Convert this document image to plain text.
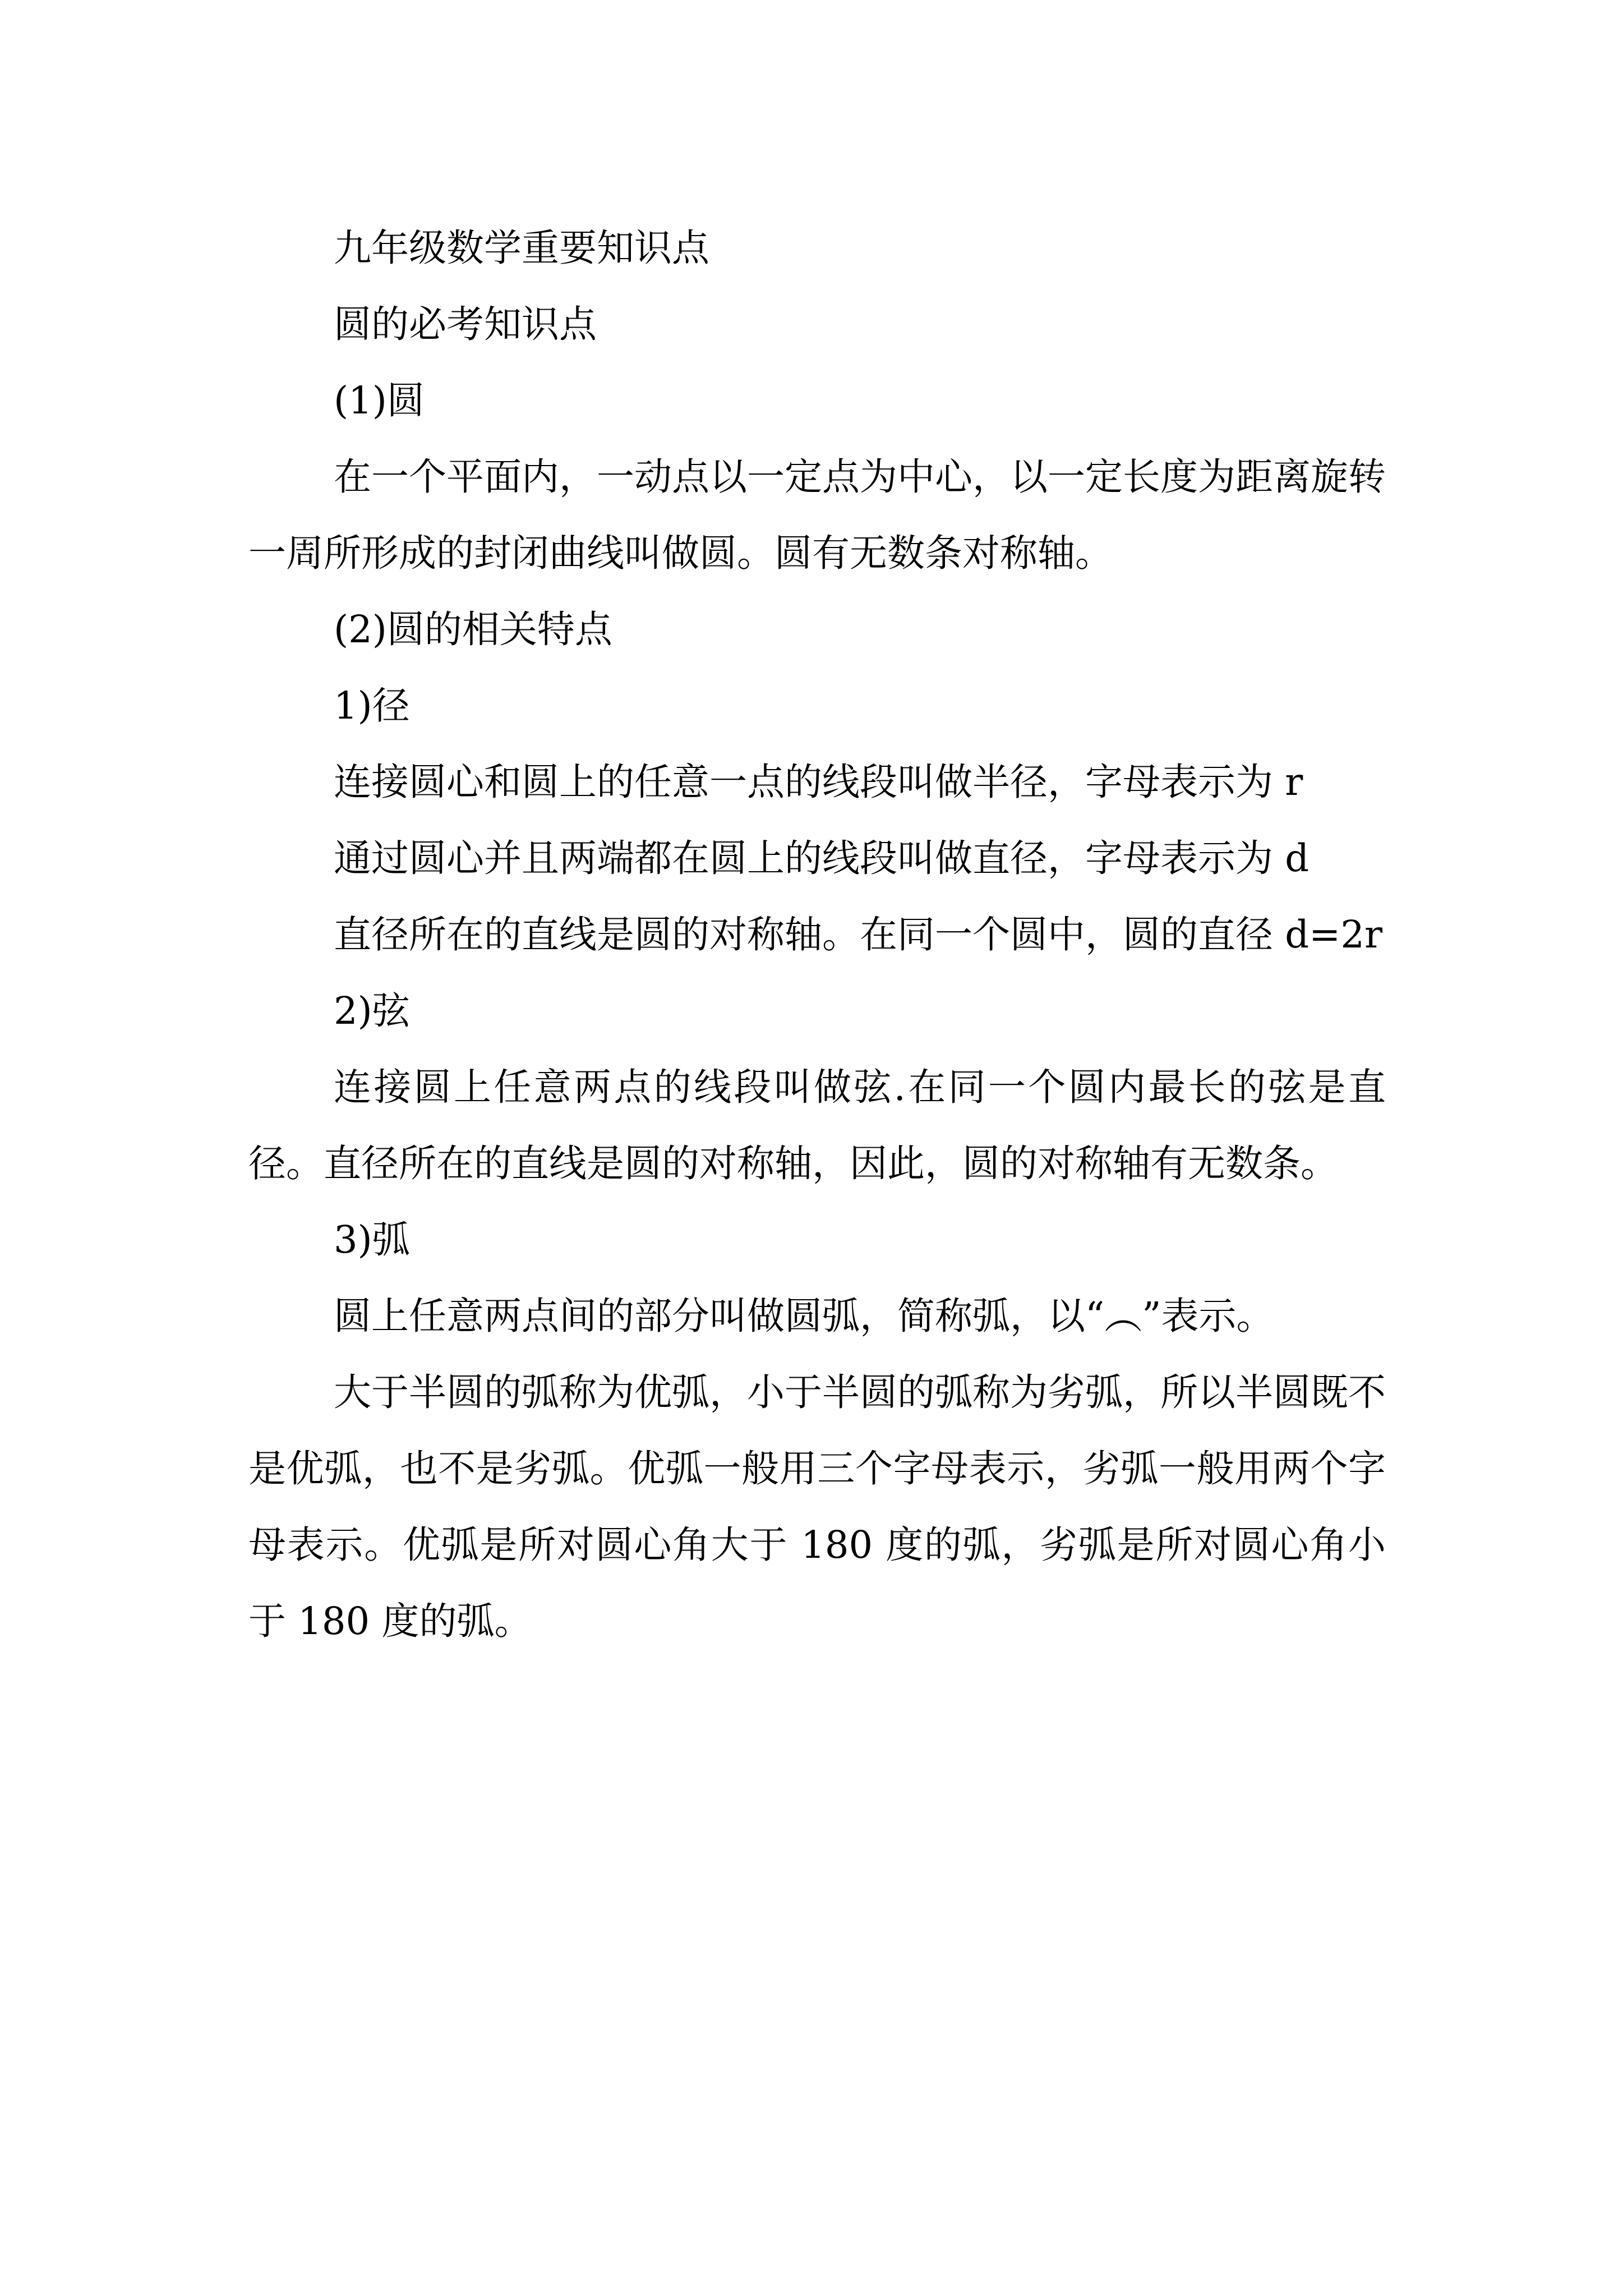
九年级数学重要知识点

圆的必考知识点

(1)圆

在一个平面内，一动点以一定点为中心，以一定长度为距离旋转一周所形成的封闭曲线叫做圆。圆有无数条对称轴。

(2)圆的相关特点

1)径

连接圆心和圆上的任意一点的线段叫做半径，字母表示为 r

通过圆心并且两端都在圆上的线段叫做直径，字母表示为 d

直径所在的直线是圆的对称轴。在同一个圆中，圆的直径 d=2r

2)弦

连接圆上任意两点的线段叫做弦.在同一个圆内最长的弦是直径。直径所在的直线是圆的对称轴，因此，圆的对称轴有无数条。

3)弧

圆上任意两点间的部分叫做圆弧，简称弧，以“︵”表示。

大于半圆的弧称为优弧，小于半圆的弧称为劣弧，所以半圆既不是优弧，也不是劣弧。优弧一般用三个字母表示，劣弧一般用两个字母表示。优弧是所对圆心角大于 180 度的弧，劣弧是所对圆心角小于 180 度的弧。
